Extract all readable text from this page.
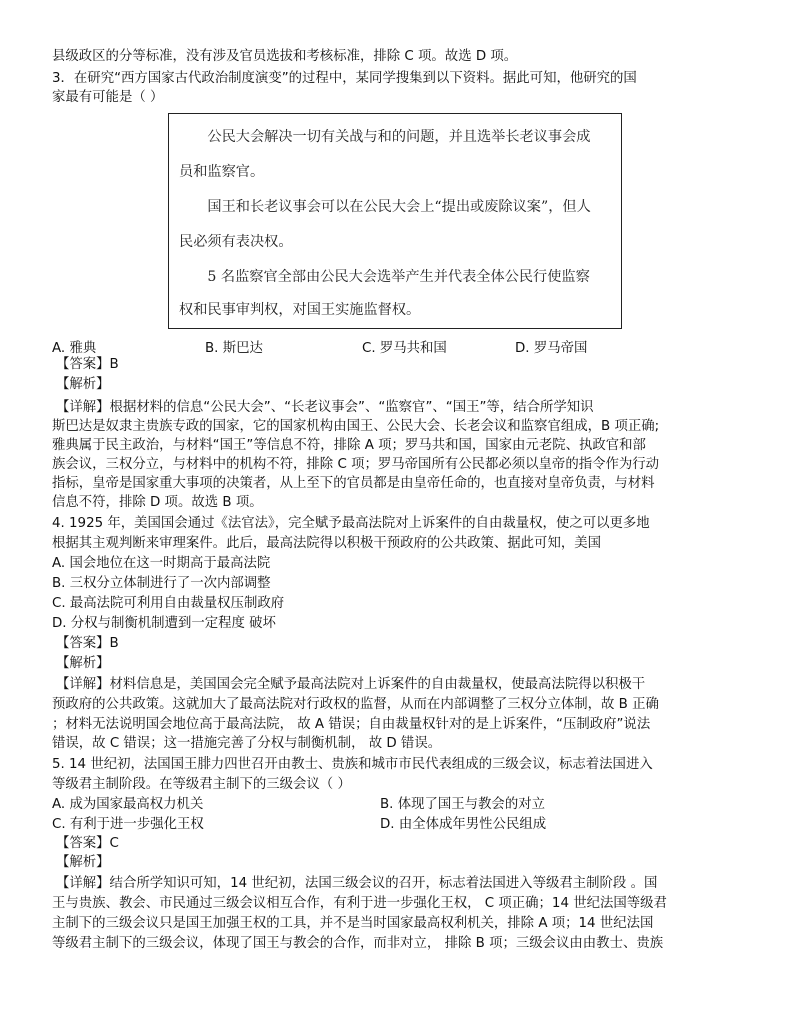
县级政区的分等标准，没有涉及官员选拔和考核标准，排除 C 项。故选 D 项。
3．在研究“西方国家古代政治制度演变”的过程中，某同学搜集到以下资料。据此可知，他研究的国
家最有可能是（ ）
　　公民大会解决一切有关战与和的问题，并且选举长老议事会成
员和监察官。
　　国王和长老议事会可以在公民大会上“提出或废除议案”，但人
民必须有表决权。
　　5 名监察官全部由公民大会选举产生并代表全体公民行使监察
权和民事审判权，对国王实施监督权。
A. 雅典	B. 斯巴达	C. 罗马共和国	D. 罗马帝国
【答案】B
【解析】
【详解】根据材料的信息“公民大会”、“长老议事会”、“监察官”、“国王”等，结合所学知识
斯巴达是奴隶主贵族专政的国家，它的国家机构由国王、公民大会、长老会议和监察官组成，B 项正确;
雅典属于民主政治，与材料“国王”等信息不符，排除 A 项；罗马共和国，国家由元老院、执政官和部
族会议，三权分立，与材料中的机构不符，排除 C 项；罗马帝国所有公民都必须以皇帝的指令作为行动
指标，皇帝是国家重大事项的决策者，从上至下的官员都是由皇帝任命的，也直接对皇帝负责，与材料
信息不符，排除 D 项。故选 B 项。
4. 1925 年，美国国会通过《法官法》，完全赋予最高法院对上诉案件的自由裁量权，使之可以更多地
根据其主观判断来审理案件。此后，最高法院得以积极干预政府的公共政策、据此可知，美国
A. 国会地位在这一时期高于最高法院
B. 三权分立体制进行了一次内部调整
C. 最高法院可利用自由裁量权压制政府
D. 分权与制衡机制遭到一定程度 破坏
【答案】B
【解析】
【详解】材料信息是，美国国会完全赋予最高法院对上诉案件的自由裁量权，使最高法院得以积极干
预政府的公共政策。这就加大了最高法院对行政权的监督，从而在内部调整了三权分立体制，故 B 正确
；材料无法说明国会地位高于最高法院， 故 A 错误；自由裁量权针对的是上诉案件，“压制政府”说法
错误，故 C 错误；这一措施完善了分权与制衡机制， 故 D 错误。
5. 14 世纪初，法国国王腓力四世召开由教士、贵族和城市市民代表组成的三级会议，标志着法国进入
等级君主制阶段。在等级君主制下的三级会议（ ）
A. 成为国家最高权力机关	B. 体现了国王与教会的对立
C. 有利于进一步强化王权	D. 由全体成年男性公民组成
【答案】C
【解析】
【详解】结合所学知识可知，14 世纪初，法国三级会议的召开，标志着法国进入等级君主制阶段 。国
王与贵族、教会、市民通过三级会议相互合作，有利于进一步强化王权， C 项正确；14 世纪法国等级君
主制下的三级会议只是国王加强王权的工具，并不是当时国家最高权利机关，排除 A 项；14 世纪法国
等级君主制下的三级会议，体现了国王与教会的合作，而非对立， 排除 B 项；三级会议由由教士、贵族
